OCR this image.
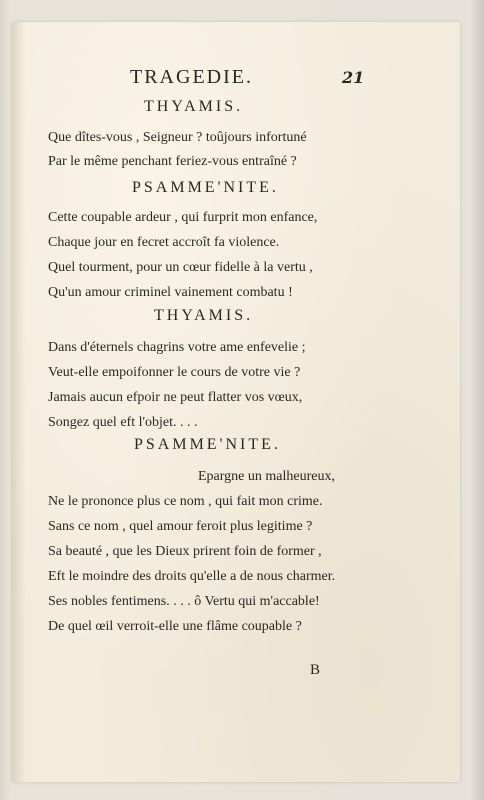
TRAGEDIE.	21
THYAMIS.
Que dîtes-vous , Seigneur ? toûjours infortuné
Par le même penchant feriez-vous entraîné ?
PSAMME'NITE.
Cette coupable ardeur , qui furprit mon enfance,
Chaque jour en fecret accroît fa violence.
Quel tourment, pour un cœur fidelle à la vertu ,
Qu'un amour criminel vainement combatu !
THYAMIS.
Dans d'éternels chagrins votre ame enfevelie ;
Veut-elle empoifonner le cours de votre vie ?
Jamais aucun efpoir ne peut flatter vos vœux,
Songez quel eft l'objet. . . .
PSAMME'NITE.
Epargne un malheureux,
Ne le prononce plus ce nom , qui fait mon crime.
Sans ce nom , quel amour feroit plus legitime ?
Sa beauté , que les Dieux prirent foin de former ,
Eft le moindre des droits qu'elle a de nous charmer.
Ses nobles fentimens. . . . ô Vertu qui m'accable!
De quel œil verroit-elle une flâme coupable ?
B
